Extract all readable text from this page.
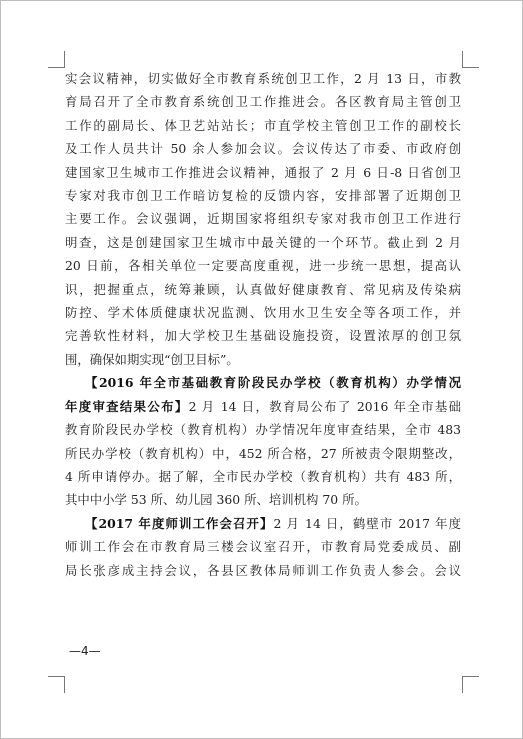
实会议精神，切实做好全市教育系统创卫工作，2 月 13 日，市教
育局召开了全市教育系统创卫工作推进会。各区教育局主管创卫
工作的副局长、体卫艺站站长；市直学校主管创卫工作的副校长
及工作人员共计 50 余人参加会议。会议传达了市委、市政府创
建国家卫生城市工作推进会议精神，通报了 2 月 6 日-8 日省创卫
专家对我市创卫工作暗访复检的反馈内容，安排部署了近期创卫
主要工作。会议强调，近期国家将组织专家对我市创卫工作进行
明查，这是创建国家卫生城市中最关键的一个环节。截止到 2 月
20 日前，各相关单位一定要高度重视，进一步统一思想，提高认
识，把握重点，统筹兼顾，认真做好健康教育、常见病及传染病
防控、学术体质健康状况监测、饮用水卫生安全等各项工作，并
完善软性材料，加大学校卫生基础设施投资，设置浓厚的创卫氛
围，确保如期实现“创卫目标”。
【2016 年全市基础教育阶段民办学校（教育机构）办学情况
年度审查结果公布】2 月 14 日，教育局公布了 2016 年全市基础
教育阶段民办学校（教育机构）办学情况年度审查结果，全市 483
所民办学校（教育机构）中，452 所合格，27 所被责令限期整改，
4 所申请停办。据了解，全市民办学校（教育机构）共有 483 所，
其中中小学 53 所、幼儿园 360 所、培训机构 70 所。
【2017 年度师训工作会召开】2 月 14 日，鹤壁市 2017 年度
师训工作会在市教育局三楼会议室召开，市教育局党委成员、副
局长张彦成主持会议，各县区教体局师训工作负责人参会。会议
—4—
